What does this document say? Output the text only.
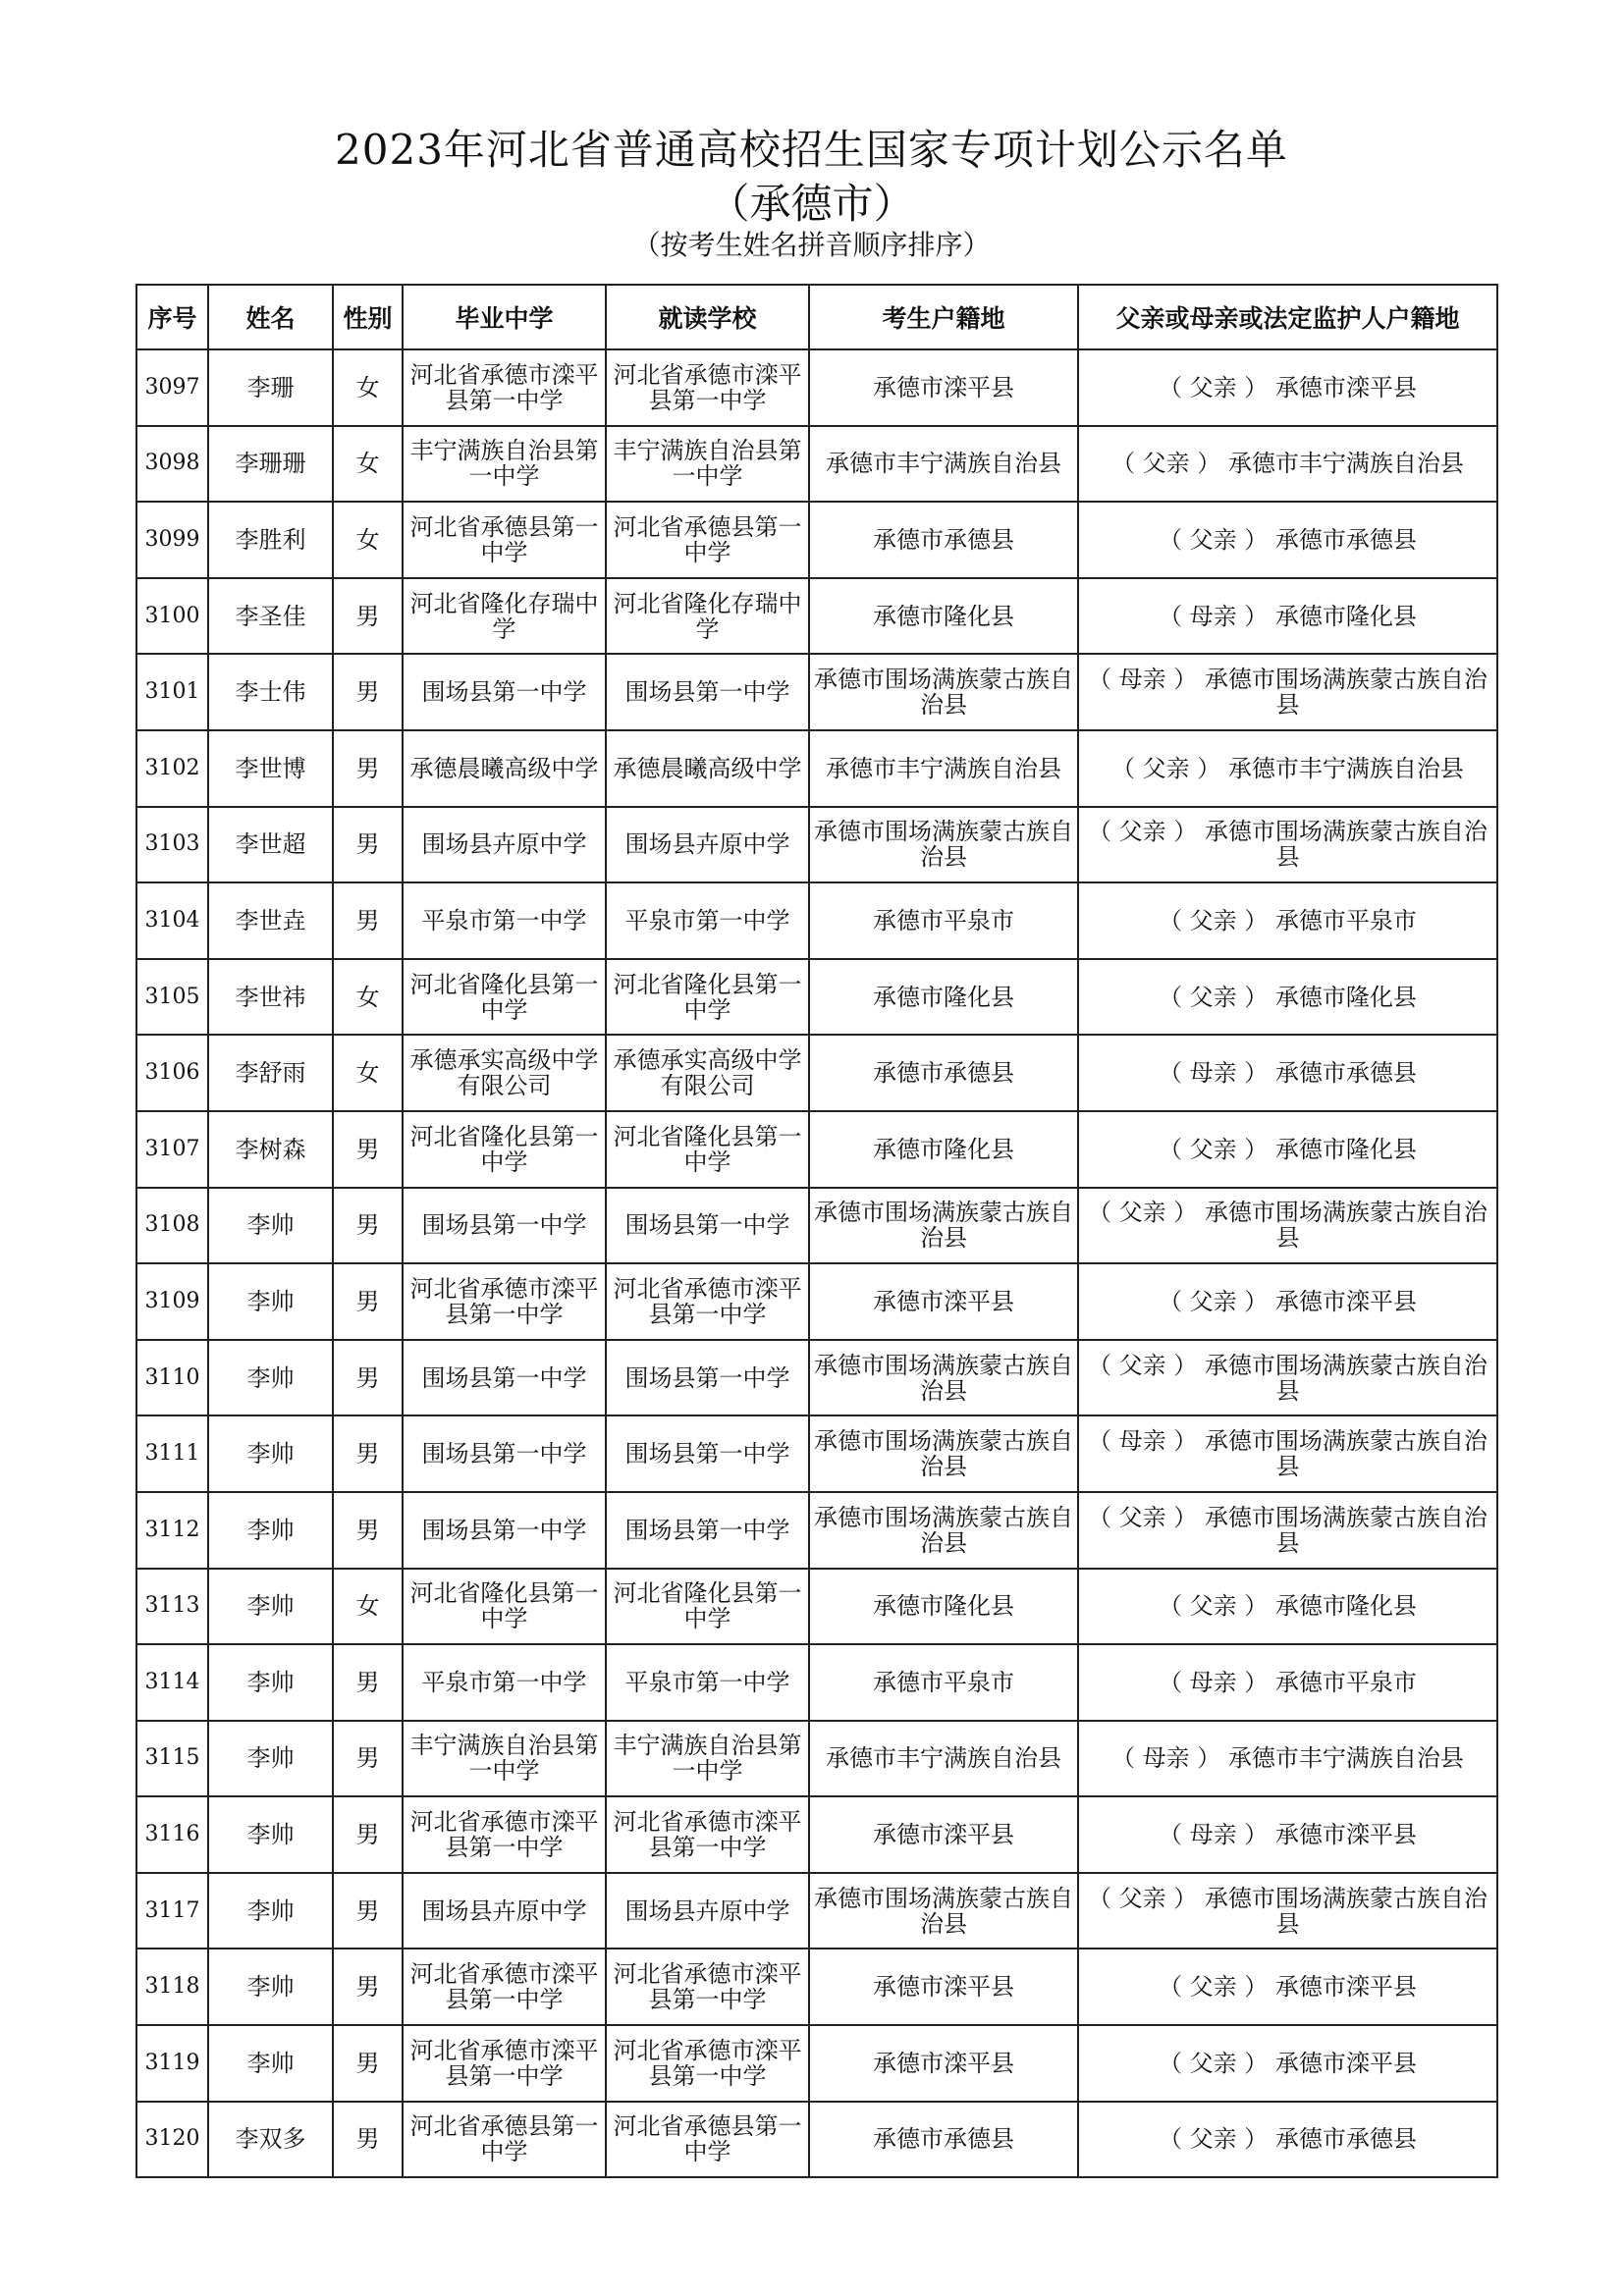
2023年河北省普通高校招生国家专项计划公示名单
（承德市）
（按考生姓名拼音顺序排序）
序号	姓名	性别	毕业中学	就读学校	考生户籍地	父亲或母亲或法定监护人户籍地
3097	李珊	女	河北省承德市滦平县第一中学	河北省承德市滦平县第一中学	承德市滦平县	（ 父亲 ） 承德市滦平县
3098	李珊珊	女	丰宁满族自治县第一中学	丰宁满族自治县第一中学	承德市丰宁满族自治县	（ 父亲 ） 承德市丰宁满族自治县
3099	李胜利	女	河北省承德县第一中学	河北省承德县第一中学	承德市承德县	（ 父亲 ） 承德市承德县
3100	李圣佳	男	河北省隆化存瑞中学	河北省隆化存瑞中学	承德市隆化县	（ 母亲 ） 承德市隆化县
3101	李士伟	男	围场县第一中学	围场县第一中学	承德市围场满族蒙古族自治县	（ 母亲 ） 承德市围场满族蒙古族自治县
3102	李世博	男	承德晨曦高级中学	承德晨曦高级中学	承德市丰宁满族自治县	（ 父亲 ） 承德市丰宁满族自治县
3103	李世超	男	围场县卉原中学	围场县卉原中学	承德市围场满族蒙古族自治县	（ 父亲 ） 承德市围场满族蒙古族自治县
3104	李世垚	男	平泉市第一中学	平泉市第一中学	承德市平泉市	（ 父亲 ） 承德市平泉市
3105	李世祎	女	河北省隆化县第一中学	河北省隆化县第一中学	承德市隆化县	（ 父亲 ） 承德市隆化县
3106	李舒雨	女	承德承实高级中学有限公司	承德承实高级中学有限公司	承德市承德县	（ 母亲 ） 承德市承德县
3107	李树森	男	河北省隆化县第一中学	河北省隆化县第一中学	承德市隆化县	（ 父亲 ） 承德市隆化县
3108	李帅	男	围场县第一中学	围场县第一中学	承德市围场满族蒙古族自治县	（ 父亲 ） 承德市围场满族蒙古族自治县
3109	李帅	男	河北省承德市滦平县第一中学	河北省承德市滦平县第一中学	承德市滦平县	（ 父亲 ） 承德市滦平县
3110	李帅	男	围场县第一中学	围场县第一中学	承德市围场满族蒙古族自治县	（ 父亲 ） 承德市围场满族蒙古族自治县
3111	李帅	男	围场县第一中学	围场县第一中学	承德市围场满族蒙古族自治县	（ 母亲 ） 承德市围场满族蒙古族自治县
3112	李帅	男	围场县第一中学	围场县第一中学	承德市围场满族蒙古族自治县	（ 父亲 ） 承德市围场满族蒙古族自治县
3113	李帅	女	河北省隆化县第一中学	河北省隆化县第一中学	承德市隆化县	（ 父亲 ） 承德市隆化县
3114	李帅	男	平泉市第一中学	平泉市第一中学	承德市平泉市	（ 母亲 ） 承德市平泉市
3115	李帅	男	丰宁满族自治县第一中学	丰宁满族自治县第一中学	承德市丰宁满族自治县	（ 母亲 ） 承德市丰宁满族自治县
3116	李帅	男	河北省承德市滦平县第一中学	河北省承德市滦平县第一中学	承德市滦平县	（ 母亲 ） 承德市滦平县
3117	李帅	男	围场县卉原中学	围场县卉原中学	承德市围场满族蒙古族自治县	（ 父亲 ） 承德市围场满族蒙古族自治县
3118	李帅	男	河北省承德市滦平县第一中学	河北省承德市滦平县第一中学	承德市滦平县	（ 父亲 ） 承德市滦平县
3119	李帅	男	河北省承德市滦平县第一中学	河北省承德市滦平县第一中学	承德市滦平县	（ 父亲 ） 承德市滦平县
3120	李双多	男	河北省承德县第一中学	河北省承德县第一中学	承德市承德县	（ 父亲 ） 承德市承德县
